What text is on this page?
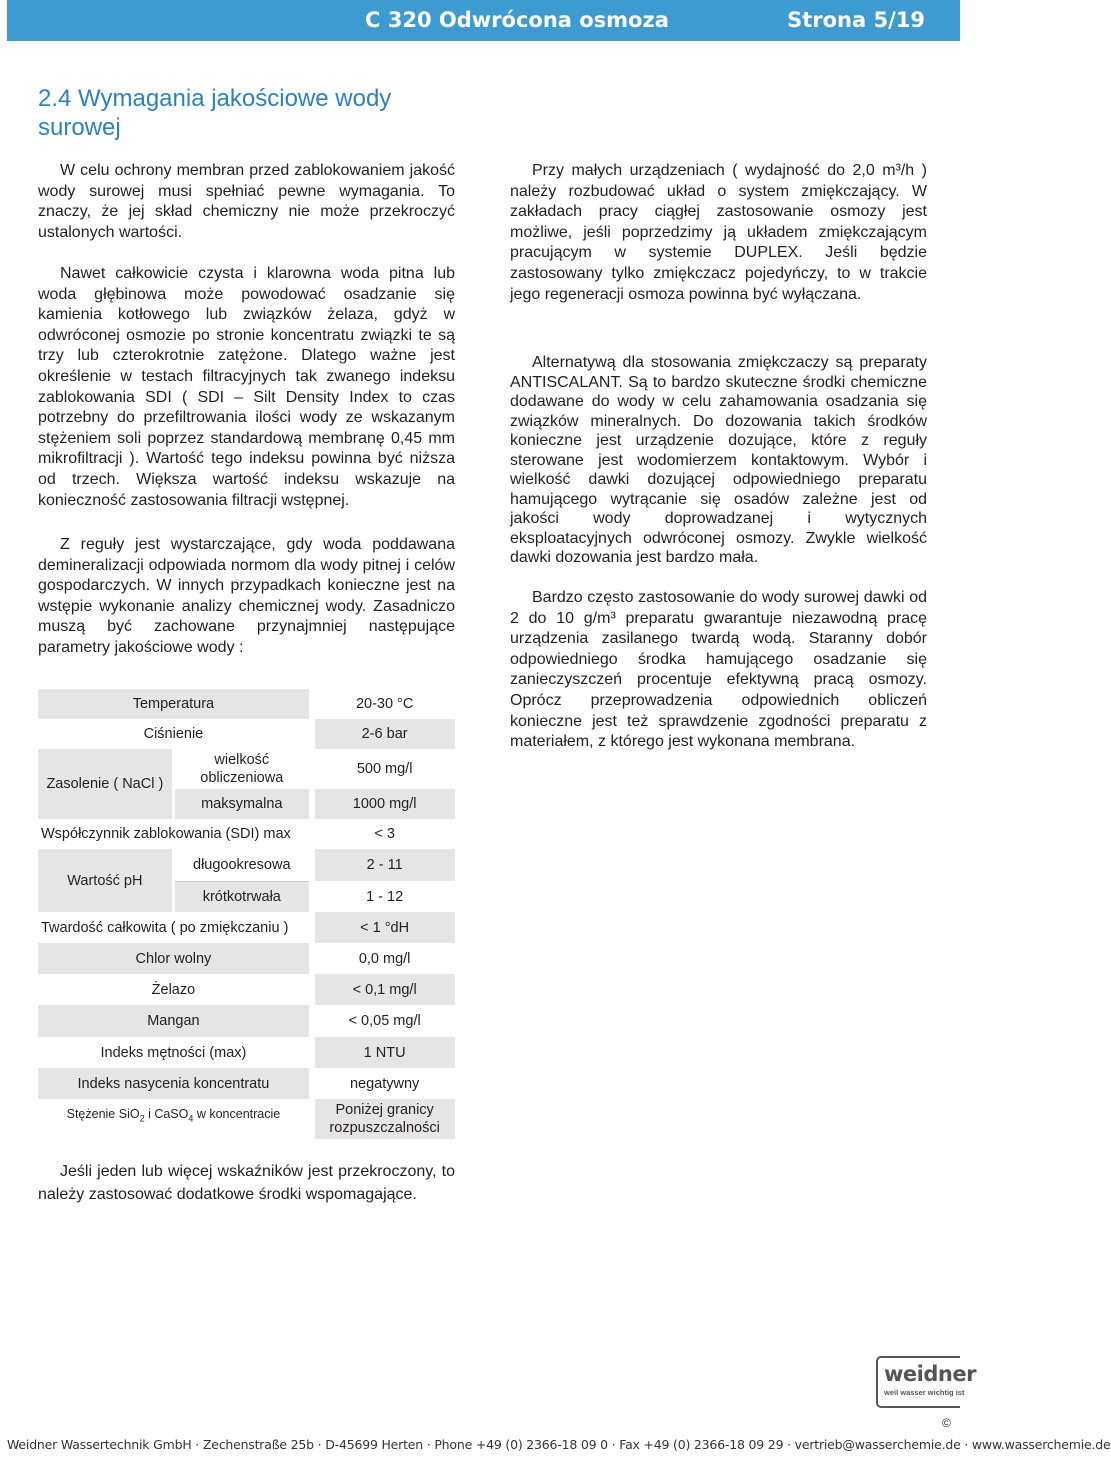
C 320 Odwrócona osmoza	Strona 5/19
2.4 Wymagania jakościowe wody surowej

W celu ochrony membran przed zablokowaniem jakość wody surowej musi spełniać pewne wymagania. To znaczy, że jej skład chemiczny nie może przekroczyć ustalonych wartości.

Nawet całkowicie czysta i klarowna woda pitna lub woda głębinowa może powodować osadzanie się kamienia kotłowego lub związków żelaza, gdyż w odwróconej osmozie po stronie koncentratu związki te są trzy lub czterokrotnie zatężone. Dlatego ważne jest określenie w testach filtracyjnych tak zwanego indeksu zablokowania SDI ( SDI – Silt Density Index to czas potrzebny do przefiltrowania ilości wody ze wskazanym stężeniem soli poprzez standardową membranę 0,45 mm mikrofiltracji ). Wartość tego indeksu powinna być niższa od trzech. Większa wartość indeksu wskazuje na konieczność zastosowania filtracji wstępnej.

Z reguły jest wystarczające, gdy woda poddawana demineralizacji odpowiada normom dla wody pitnej i celów gospodarczych. W innych przypadkach konieczne jest na wstępie wykonanie analizy chemicznej wody. Zasadniczo muszą być zachowane przynajmniej następujące parametry jakościowe wody :

Temperatura			20-30 °C
Ciśnienie			2-6 bar
Zasolenie ( NaCl )	wielkość obliczeniowa		500 mg/l
	maksymalna		1000 mg/l
Współczynnik zablokowania (SDI) max			< 3
Wartość pH	długookresowa		2 - 11
	krótkotrwała		1 - 12
Twardość całkowita ( po zmiękczaniu )			< 1 °dH
Chlor wolny			0,0 mg/l
Żelazo			< 0,1 mg/l
Mangan			< 0,05 mg/l
Indeks mętności (max)			1 NTU
Indeks nasycenia koncentratu			negatywny
Stężenie SiO$_2$ i CaSO$_4$ w koncentracie			Poniżej granicy rozpuszczalności

Jeśli jeden lub więcej wskaźników jest przekroczony, to należy zastosować dodatkowe środki wspomagające.

Przy małych urządzeniach ( wydajność do 2,0 m³/h ) należy rozbudować układ o system zmiękczający. W zakładach pracy ciągłej zastosowanie osmozy jest możliwe, jeśli poprzedzimy ją układem zmiękczającym pracującym w systemie DUPLEX. Jeśli będzie zastosowany tylko zmiękczacz pojedyńczy, to w trakcie jego regeneracji osmoza powinna być wyłączana.

Alternatywą dla stosowania zmiękczaczy są preparaty ANTISCALANT. Są to bardzo skuteczne środki chemiczne dodawane do wody w celu zahamowania osadzania się związków mineralnych. Do dozowania takich środków konieczne jest urządzenie dozujące, które z reguły sterowane jest wodomierzem kontaktowym. Wybór i wielkość dawki dozującej odpowiedniego preparatu hamującego wytrącanie się osadów zależne jest od jakości wody doprowadzanej i wytycznych eksploatacyjnych odwróconej osmozy. Zwykle wielkość dawki dozowania jest bardzo mała.

Bardzo często zastosowanie do wody surowej dawki od 2 do 10 g/m³ preparatu gwarantuje niezawodną pracę urządzenia zasilanego twardą wodą. Staranny dobór odpowiedniego środka hamującego osadzanie się zanieczyszczeń procentuje efektywną pracą osmozy. Oprócz przeprowadzenia odpowiednich obliczeń konieczne jest też sprawdzenie zgodności preparatu z materiałem, z którego jest wykonana membrana.

weidner
weil wasser wichtig ist
©
Weidner Wassertechnik GmbH · Zechenstraße 25b · D-45699 Herten · Phone +49 (0) 2366-18 09 0 · Fax +49 (0) 2366-18 09 29 · vertrieb@wasserchemie.de · www.wasserchemie.de
